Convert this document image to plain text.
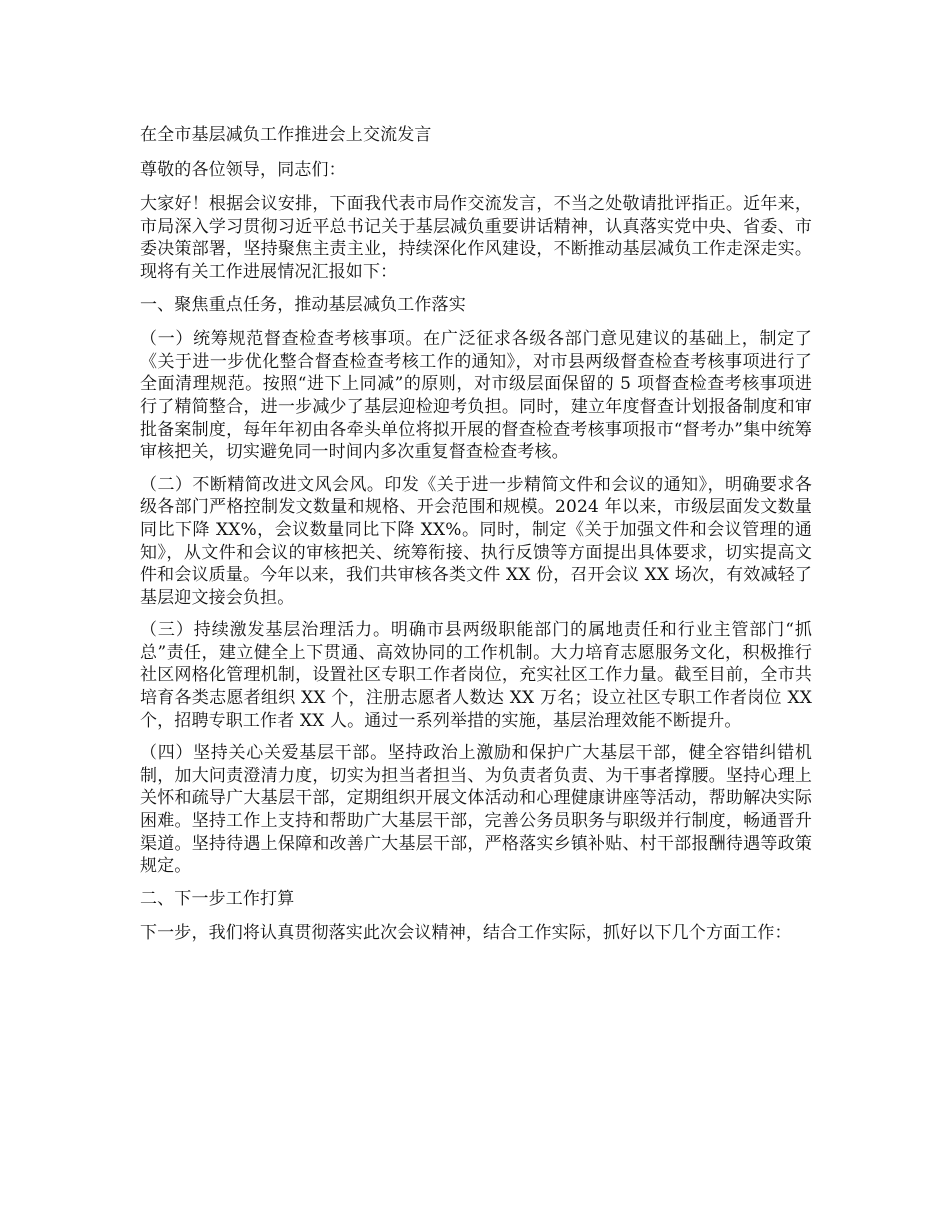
在全市基层减负工作推进会上交流发言

尊敬的各位领导，同志们：

大家好！根据会议安排，下面我代表市局作交流发言，不当之处敬请批评指正。近年来，市局深入学习贯彻习近平总书记关于基层减负重要讲话精神，认真落实党中央、省委、市委决策部署，坚持聚焦主责主业，持续深化作风建设，不断推动基层减负工作走深走实。现将有关工作进展情况汇报如下：

一、聚焦重点任务，推动基层减负工作落实

（一）统筹规范督查检查考核事项。在广泛征求各级各部门意见建议的基础上，制定了《关于进一步优化整合督查检查考核工作的通知》，对市县两级督查检查考核事项进行了全面清理规范。按照“进下上同减”的原则，对市级层面保留的 5 项督查检查考核事项进行了精简整合，进一步减少了基层迎检迎考负担。同时，建立年度督查计划报备制度和审批备案制度，每年年初由各牵头单位将拟开展的督查检查考核事项报市“督考办”集中统筹审核把关，切实避免同一时间内多次重复督查检查考核。

（二）不断精简改进文风会风。印发《关于进一步精简文件和会议的通知》，明确要求各级各部门严格控制发文数量和规格、开会范围和规模。2024 年以来，市级层面发文数量同比下降 XX%，会议数量同比下降 XX%。同时，制定《关于加强文件和会议管理的通知》，从文件和会议的审核把关、统筹衔接、执行反馈等方面提出具体要求，切实提高文件和会议质量。今年以来，我们共审核各类文件 XX 份，召开会议 XX 场次，有效减轻了基层迎文接会负担。

（三）持续激发基层治理活力。明确市县两级职能部门的属地责任和行业主管部门“抓总”责任，建立健全上下贯通、高效协同的工作机制。大力培育志愿服务文化，积极推行社区网格化管理机制，设置社区专职工作者岗位，充实社区工作力量。截至目前，全市共培育各类志愿者组织 XX 个，注册志愿者人数达 XX 万名；设立社区专职工作者岗位 XX 个，招聘专职工作者 XX 人。通过一系列举措的实施，基层治理效能不断提升。

（四）坚持关心关爱基层干部。坚持政治上激励和保护广大基层干部，健全容错纠错机制，加大问责澄清力度，切实为担当者担当、为负责者负责、为干事者撑腰。坚持心理上关怀和疏导广大基层干部，定期组织开展文体活动和心理健康讲座等活动，帮助解决实际困难。坚持工作上支持和帮助广大基层干部，完善公务员职务与职级并行制度，畅通晋升渠道。坚持待遇上保障和改善广大基层干部，严格落实乡镇补贴、村干部报酬待遇等政策规定。

二、下一步工作打算

下一步，我们将认真贯彻落实此次会议精神，结合工作实际，抓好以下几个方面工作：
